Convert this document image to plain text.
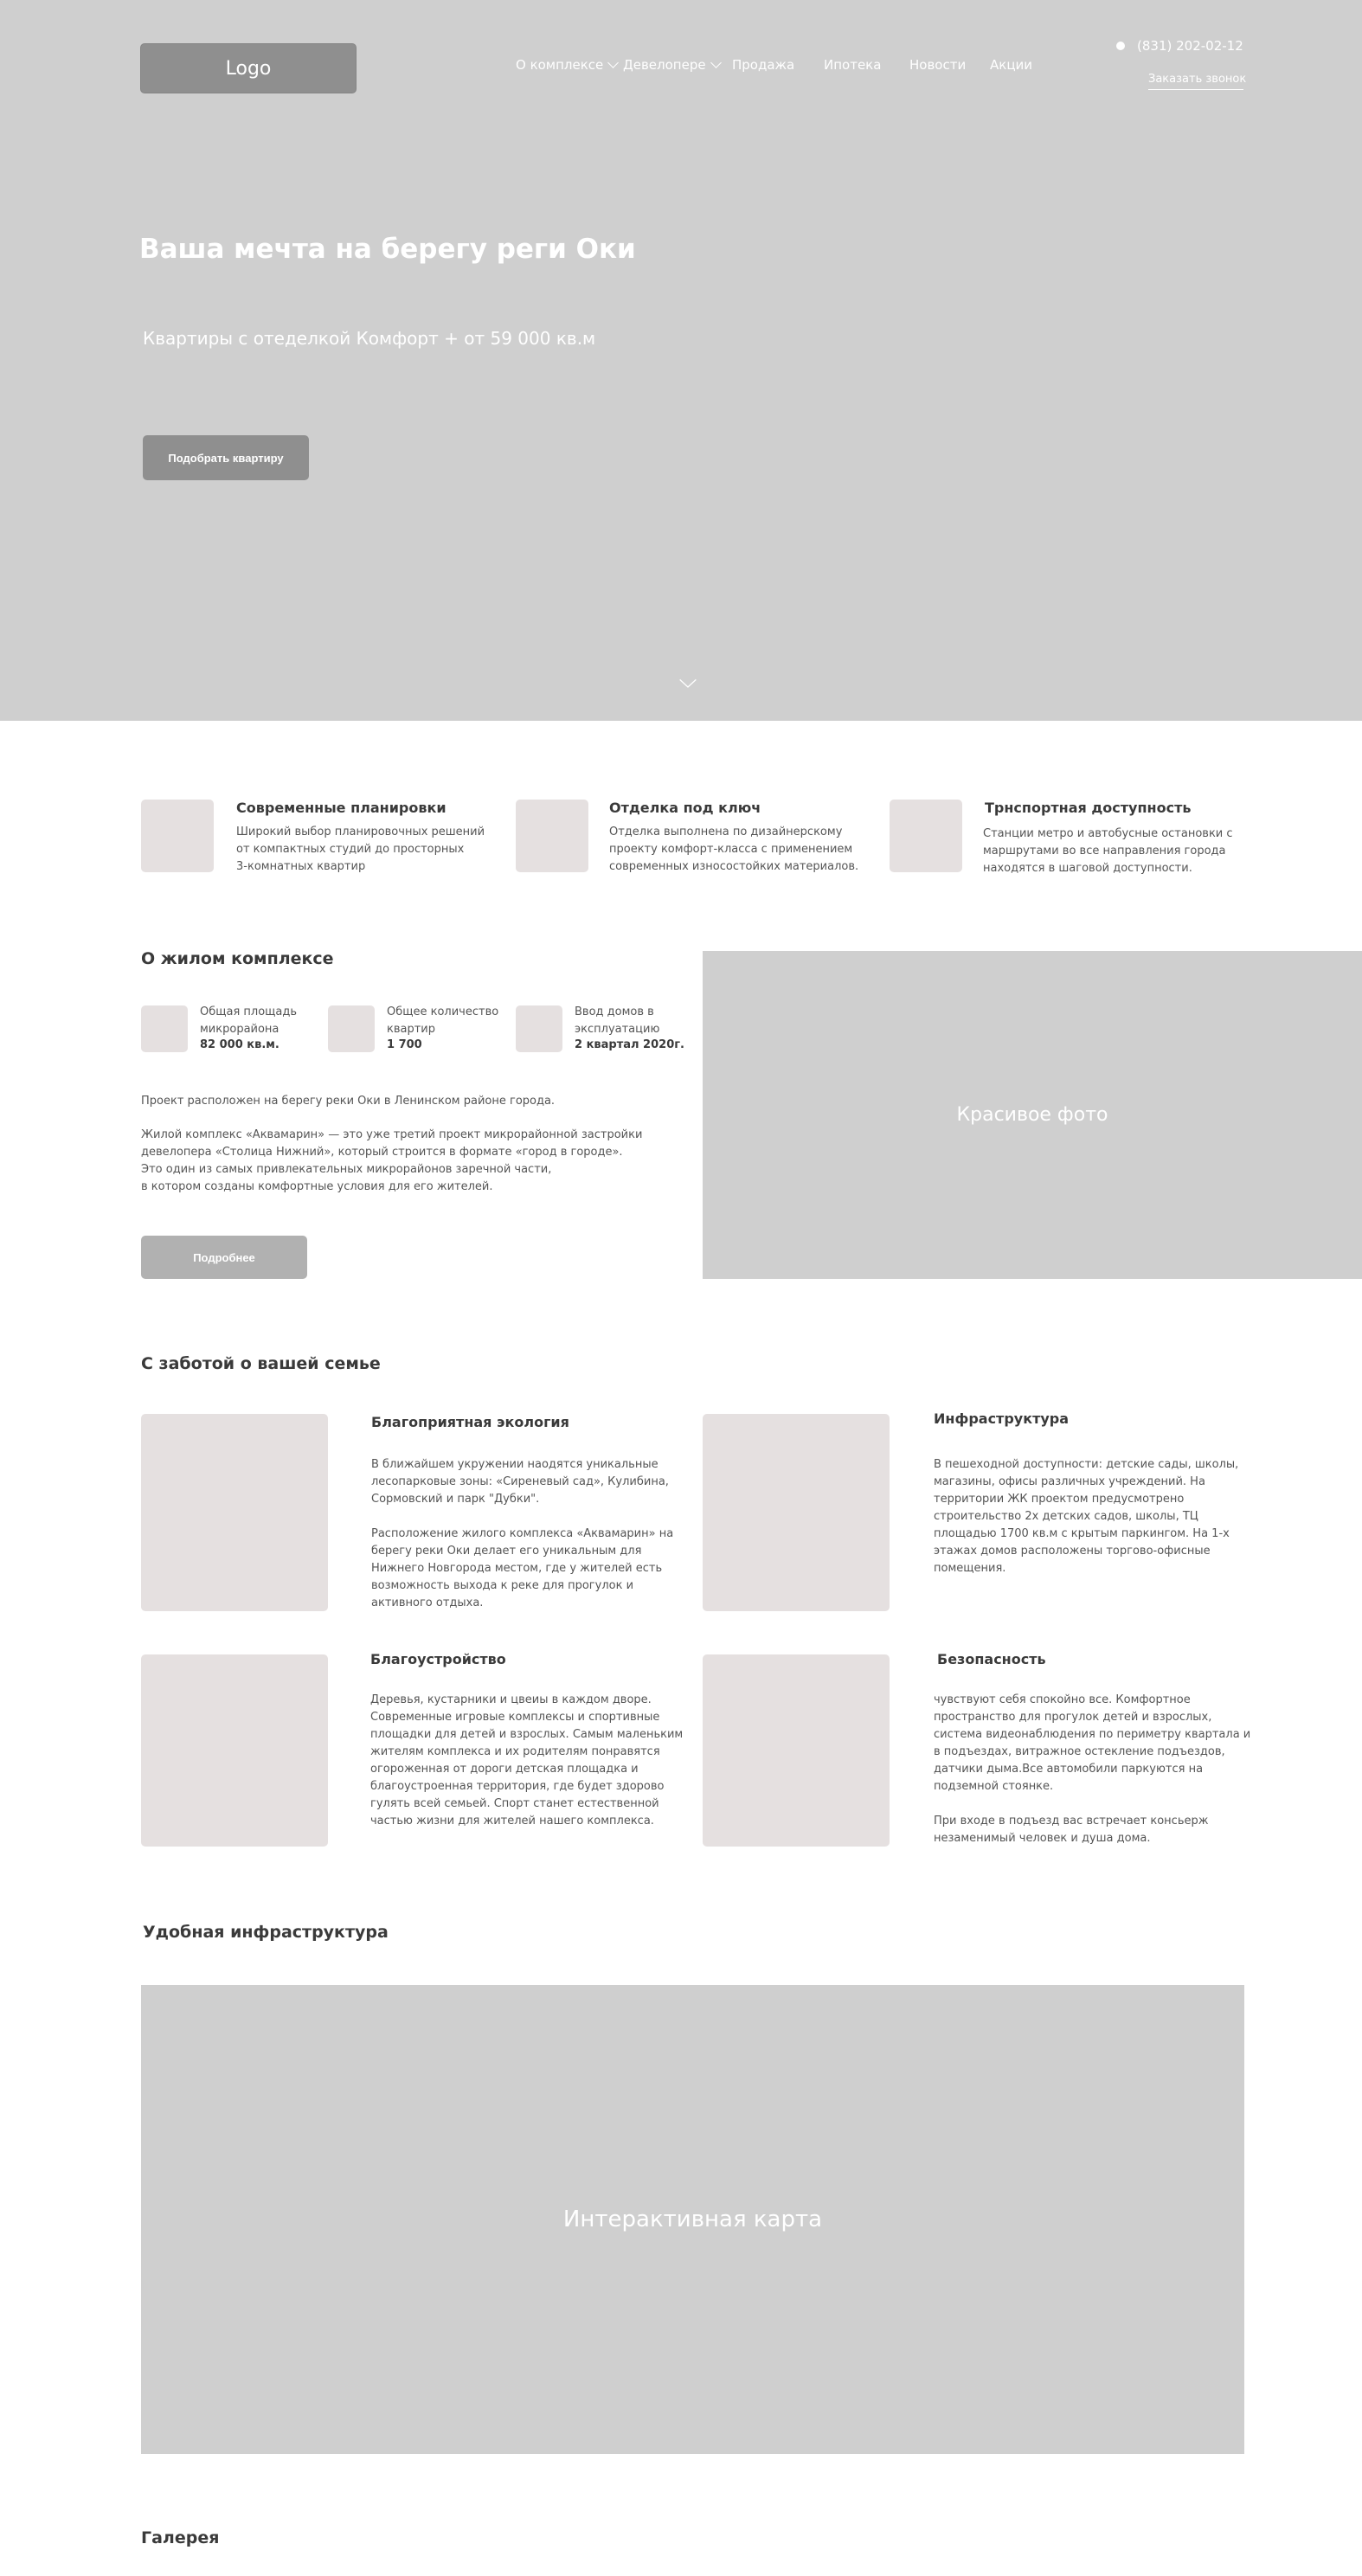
Logo	О комплексе Девелопере Продажа Ипотека Новости Акции
(831) 202-02-12
Заказать звонок
Ваша мечта на берегу реги Оки
Квартиры с отеделкой Комфорт + от 59 000 кв.м
Подобрать квартиру
Современные планировки
Широкий выбор планировочных решений
от компактных студий до просторных
3-комнатных квартир
Отделка под ключ
Отделка выполнена по дизайнерскому
проекту комфорт-класса с применением
современных износостойких материалов.
Трнспортная доступность
Станции метро и автобусные остановки с
маршрутами во все направления города
находятся в шаговой доступности.
О жилом комплексе
Общая площадь
микрорайона
82 000 кв.м.
Общее количество
квартир
1 700
Ввод домов в
эксплуатацию
2 квартал 2020г.

Проект расположен на берегу реки Оки в Ленинском районе города.

Жилой комплекс «Аквамарин» — это уже третий проект микрорайонной застройки
девелопера «Столица Нижний», который строится в формате «город в городе».
Это один из самых привлекательных микрорайонов заречной части,
в котором созданы комфортные условия для его жителей.

Подробнее
Красивое фото
С заботой о вашей семье
Благоприятная экология
В ближайшем укружении наодятся уникальные
лесопарковые зоны: «Сиреневый сад», Кулибина,
Сормовский и парк "Дубки".

Расположение жилого комплекса «Аквамарин» на
берегу реки Оки делает его уникальным для
Нижнего Новгорода местом, где у жителей есть
возможность выхода к реке для прогулок и
активного отдыха.
Инфраструктура
В пешеходной доступности: детские сады, школы,
магазины, офисы различных учреждений. На
территории ЖК проектом предусмотрено
строительство 2х детских садов, школы, ТЦ
площадью 1700 кв.м с крытым паркингом. На 1-х
этажах домов расположены торгово-офисные
помещения.
Благоустройство
Деревья, кустарники и цвеиы в каждом дворе.
Современные игровые комплексы и спортивные
площадки для детей и взрослых. Самым маленьким
жителям комплекса и их родителям понравятся
огороженная от дороги детская площадка и
благоустроенная территория, где будет здорово
гулять всей семьей. Спорт станет естественной
частью жизни для жителей нашего комплекса.
Безопасность
чувствуют себя спокойно все. Комфортное
пространство для прогулок детей и взрослых,
система видеонаблюдения по периметру квартала и
в подъездах, витражное остекление подъездов,
датчики дыма.Все автомобили паркуются на
подземной стоянке.

При входе в подъезд вас встречает консьерж
незаменимый человек и душа дома.
Удобная инфраструктура
Интерактивная карта
Галерея
